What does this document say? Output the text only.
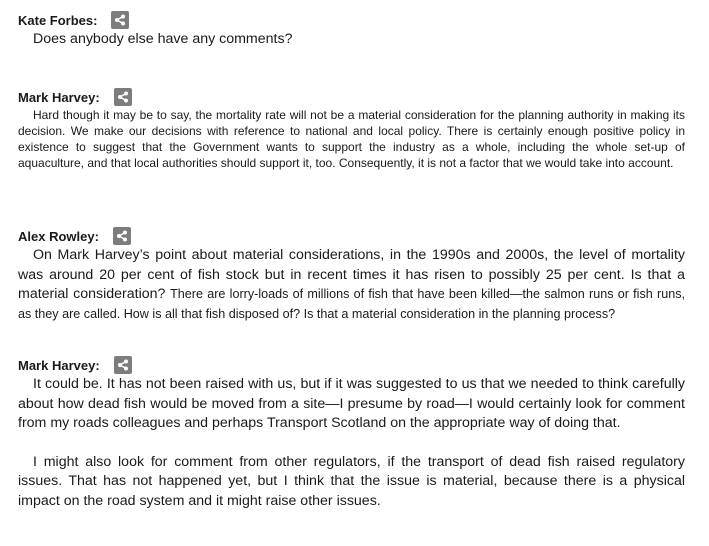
Kate Forbes:

Does anybody else have any comments?

Mark Harvey:

Hard though it may be to say, the mortality rate will not be a material consideration for the planning authority in making its decision. We make our decisions with reference to national and local policy. There is certainly enough positive policy in existence to suggest that the Government wants to support the industry as a whole, including the whole set-up of aquaculture, and that local authorities should support it, too. Consequently, it is not a factor that we would take into account.

Alex Rowley:

On Mark Harvey’s point about material considerations, in the 1990s and 2000s, the level of mortality was around 20 per cent of fish stock but in recent times it has risen to possibly 25 per cent. Is that a material consideration? There are lorry-loads of millions of fish that have been killed—the salmon runs or fish runs, as they are called. How is all that fish disposed of? Is that a material consideration in the planning process?

Mark Harvey:

It could be. It has not been raised with us, but if it was suggested to us that we needed to think carefully about how dead fish would be moved from a site—I presume by road—I would certainly look for comment from my roads colleagues and perhaps Transport Scotland on the appropriate way of doing that.

I might also look for comment from other regulators, if the transport of dead fish raised regulatory issues. That has not happened yet, but I think that the issue is material, because there is a physical impact on the road system and it might raise other issues.
